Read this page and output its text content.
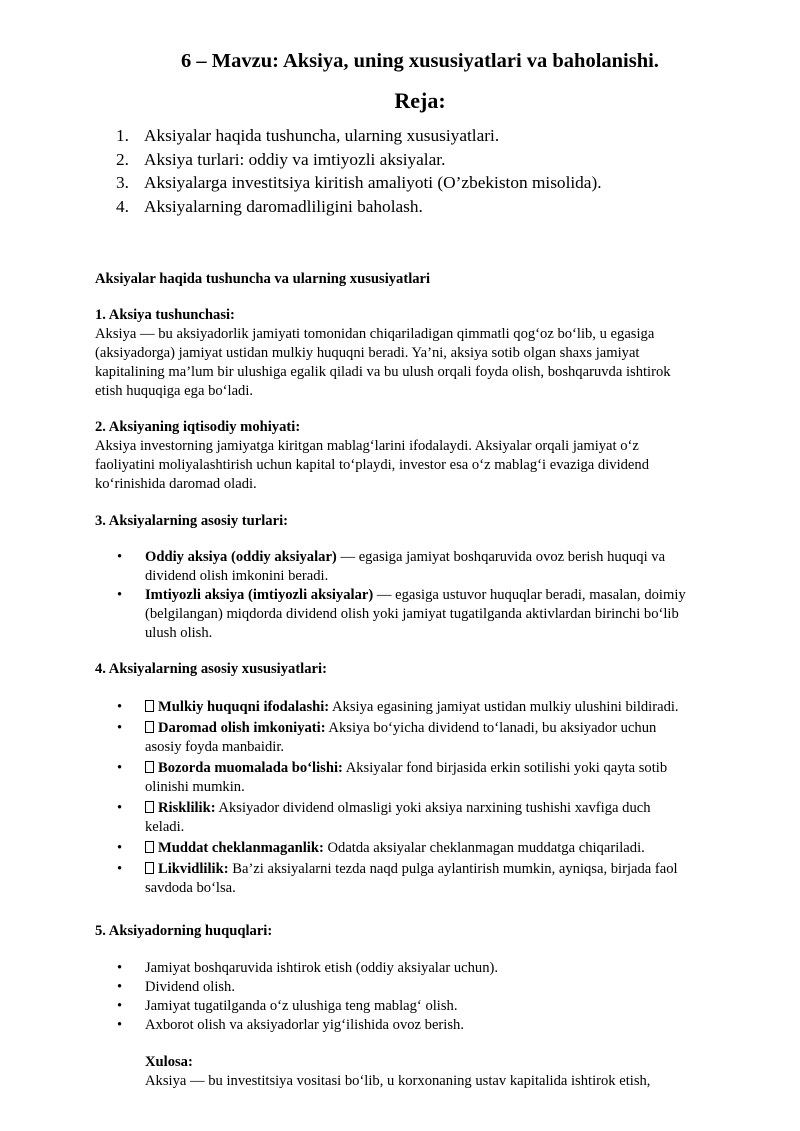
6 – Mavzu: Aksiya, uning xususiyatlari va baholanishi.
Reja:
1. Aksiyalar haqida tushuncha, ularning xususiyatlari.
2. Aksiya turlari: oddiy va imtiyozli aksiyalar.
3. Aksiyalarga investitsiya kiritish amaliyoti (O’zbekiston misolida).
4. Aksiyalarning daromadliligini baholash.
Aksiyalar haqida tushuncha va ularning xususiyatlari
1. Aksiya tushunchasi:
Aksiya — bu aksiyadorlik jamiyati tomonidan chiqariladigan qimmatli qog‘oz bo‘lib, u egasiga
(aksiyadorga) jamiyat ustidan mulkiy huquqni beradi. Ya’ni, aksiya sotib olgan shaxs jamiyat
kapitalining ma’lum bir ulushiga egalik qiladi va bu ulush orqali foyda olish, boshqaruvda ishtirok
etish huquqiga ega bo‘ladi.
2. Aksiyaning iqtisodiy mohiyati:
Aksiya investorning jamiyatga kiritgan mablag‘larini ifodalaydi. Aksiyalar orqali jamiyat o‘z
faoliyatini moliyalashtirish uchun kapital to‘playdi, investor esa o‘z mablag‘i evaziga dividend
ko‘rinishida daromad oladi.
3. Aksiyalarning asosiy turlari:
• Oddiy aksiya (oddiy aksiyalar) — egasiga jamiyat boshqaruvida ovoz berish huquqi va
dividend olish imkonini beradi.
• Imtiyozli aksiya (imtiyozli aksiyalar) — egasiga ustuvor huquqlar beradi, masalan, doimiy
(belgilangan) miqdorda dividend olish yoki jamiyat tugatilganda aktivlardan birinchi bo‘lib
ulush olish.
4. Aksiyalarning asosiy xususiyatlari:
•	Mulkiy huquqni ifodalashi: Aksiya egasining jamiyat ustidan mulkiy ulushini bildiradi.
•	Daromad olish imkoniyati: Aksiya bo‘yicha dividend to‘lanadi, bu aksiyador uchun
asosiy foyda manbaidir.
•	Bozorda muomalada bo‘lishi: Aksiyalar fond birjasida erkin sotilishi yoki qayta sotib
olinishi mumkin.
•	Risklilik: Aksiyador dividend olmasligi yoki aksiya narxining tushishi xavfiga duch
keladi.
•	Muddat cheklanmaganlik: Odatda aksiyalar cheklanmagan muddatga chiqariladi.
•	Likvidlilik: Ba’zi aksiyalarni tezda naqd pulga aylantirish mumkin, ayniqsa, birjada faol
savdoda bo‘lsa.
5. Aksiyadorning huquqlari:
• Jamiyat boshqaruvida ishtirok etish (oddiy aksiyalar uchun).
• Dividend olish.
• Jamiyat tugatilganda o‘z ulushiga teng mablag‘ olish.
• Axborot olish va aksiyadorlar yig‘ilishida ovoz berish.
Xulosa:
Aksiya — bu investitsiya vositasi bo‘lib, u korxonaning ustav kapitalida ishtirok etish,
